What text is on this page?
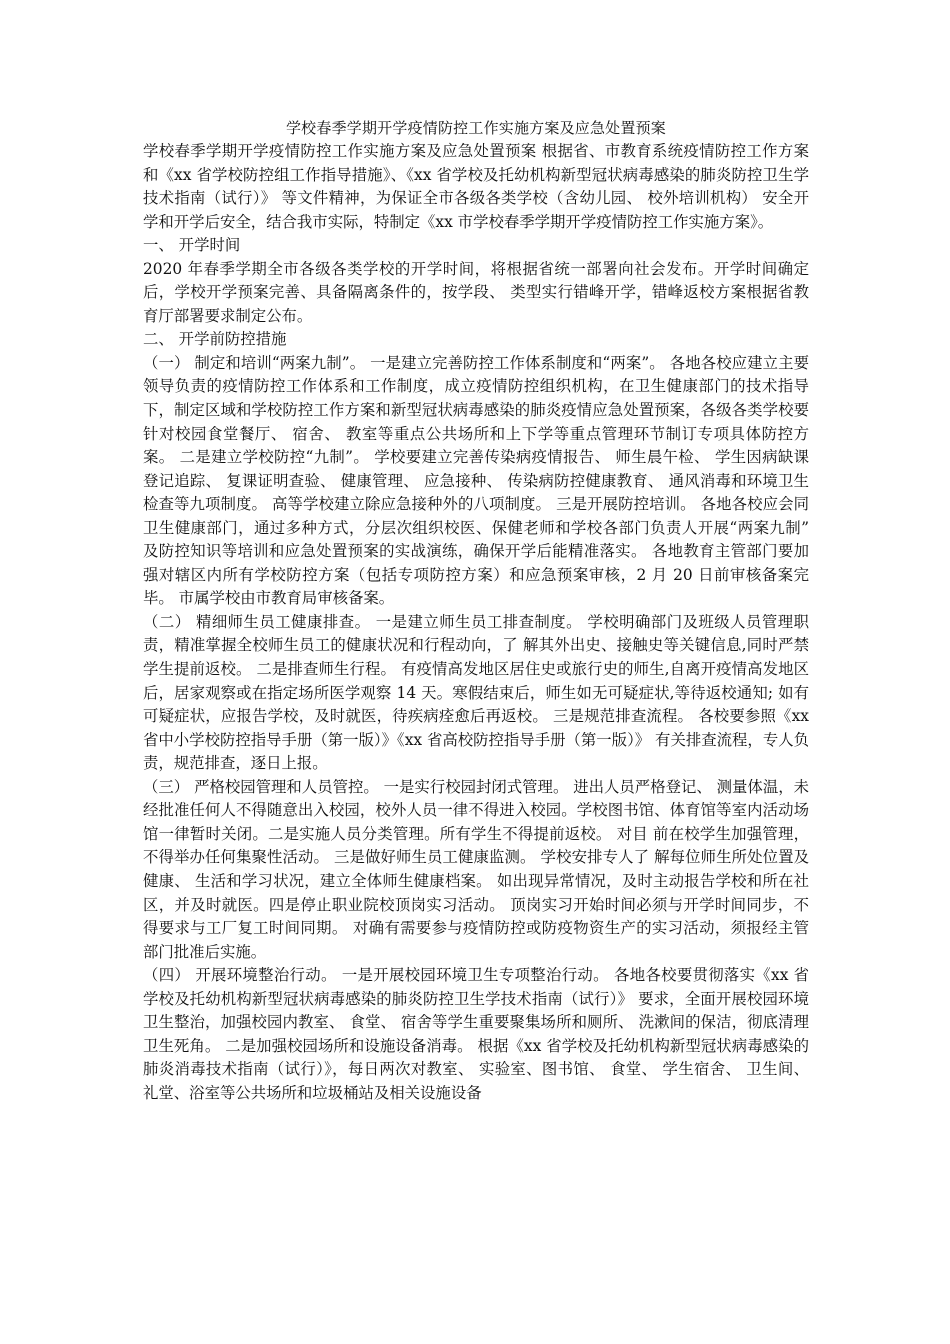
学校春季学期开学疫情防控工作实施方案及应急处置预案

学校春季学期开学疫情防控工作实施方案及应急处置预案 根据省、市教育系统疫情防控工作方案和《xx 省学校防控组工作指导措施》、《xx 省学校及托幼机构新型冠状病毒感染的肺炎防控卫生学技术指南（试行）》 等文件精神，为保证全市各级各类学校（含幼儿园、 校外培训机构） 安全开学和开学后安全，结合我市实际，特制定《xx 市学校春季学期开学疫情防控工作实施方案》。

一、 开学时间

2020 年春季学期全市各级各类学校的开学时间，将根据省统一部署向社会发布。开学时间确定后，学校开学预案完善、具备隔离条件的，按学段、 类型实行错峰开学，错峰返校方案根据省教育厅部署要求制定公布。

二、 开学前防控措施

（一） 制定和培训“两案九制”。 一是建立完善防控工作体系制度和“两案”。 各地各校应建立主要领导负责的疫情防控工作体系和工作制度，成立疫情防控组织机构，在卫生健康部门的技术指导下，制定区域和学校防控工作方案和新型冠状病毒感染的肺炎疫情应急处置预案，各级各类学校要针对校园食堂餐厅、 宿舍、 教室等重点公共场所和上下学等重点管理环节制订专项具体防控方案。 二是建立学校防控“九制”。 学校要建立完善传染病疫情报告、 师生晨午检、 学生因病缺课登记追踪、 复课证明查验、 健康管理、 应急接种、 传染病防控健康教育、 通风消毒和环境卫生检查等九项制度。 高等学校建立除应急接种外的八项制度。 三是开展防控培训。 各地各校应会同卫生健康部门，通过多种方式，分层次组织校医、保健老师和学校各部门负责人开展“两案九制” 及防控知识等培训和应急处置预案的实战演练，确保开学后能精准落实。 各地教育主管部门要加强对辖区内所有学校防控方案（包括专项防控方案）和应急预案审核，2 月 20 日前审核备案完毕。 市属学校由市教育局审核备案。

（二） 精细师生员工健康排查。 一是建立师生员工排查制度。 学校明确部门及班级人员管理职责，精准掌握全校师生员工的健康状况和行程动向，了 解其外出史、接触史等关键信息,同时严禁学生提前返校。 二是排查师生行程。 有疫情高发地区居住史或旅行史的师生,自离开疫情高发地区后，居家观察或在指定场所医学观察 14 天。寒假结束后，师生如无可疑症状,等待返校通知; 如有可疑症状，应报告学校，及时就医，待疾病痊愈后再返校。 三是规范排查流程。 各校要参照《xx 省中小学校防控指导手册（第一版）》《xx 省高校防控指导手册（第一版）》 有关排查流程，专人负责，规范排查，逐日上报。

（三） 严格校园管理和人员管控。 一是实行校园封闭式管理。 进出人员严格登记、 测量体温，未经批准任何人不得随意出入校园，校外人员一律不得进入校园。学校图书馆、体育馆等室内活动场馆一律暂时关闭。二是实施人员分类管理。所有学生不得提前返校。 对目 前在校学生加强管理，不得举办任何集聚性活动。 三是做好师生员工健康监测。 学校安排专人了 解每位师生所处位置及健康、 生活和学习状况，建立全体师生健康档案。 如出现异常情况，及时主动报告学校和所在社区，并及时就医。四是停止职业院校顶岗实习活动。 顶岗实习开始时间必须与开学时间同步，不得要求与工厂复工时间同期。 对确有需要参与疫情防控或防疫物资生产的实习活动，须报经主管部门批准后实施。

（四） 开展环境整治行动。 一是开展校园环境卫生专项整治行动。 各地各校要贯彻落实《xx 省学校及托幼机构新型冠状病毒感染的肺炎防控卫生学技术指南（试行）》 要求，全面开展校园环境卫生整治，加强校园内教室、 食堂、 宿舍等学生重要聚集场所和厕所、 洗漱间的保洁，彻底清理卫生死角。 二是加强校园场所和设施设备消毒。 根据《xx 省学校及托幼机构新型冠状病毒感染的肺炎消毒技术指南（试行）》，每日两次对教室、 实验室、图书馆、 食堂、 学生宿舍、 卫生间、 礼堂、浴室等公共场所和垃圾桶站及相关设施设备
